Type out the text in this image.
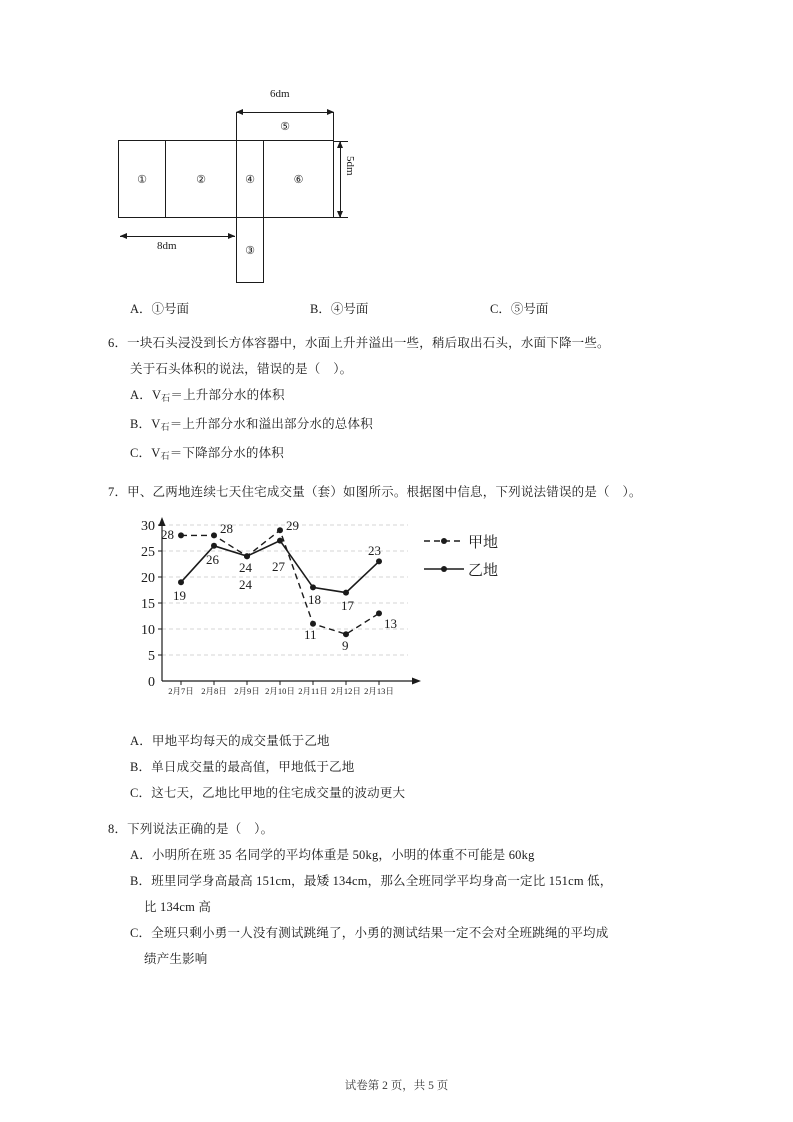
6dm
①	②	④	⑥
⑤
③
8dm
5dm
A．①号面	B．④号面	C．⑤号面
6．一块石头浸没到长方体容器中，水面上升并溢出一些，稍后取出石头，水面下降一些。
关于石头体积的说法，错误的是（　）。
A．$V_石=$上升部分水的体积
B．$V_石=$上升部分水和溢出部分水的总体积
C．$V_石=$下降部分水的体积
7．甲、乙两地连续七天住宅成交量（套）如图所示。根据图中信息，下列说法错误的是（　）。
30
25
20
15
10
5
0
2月7日 2月8日 2月9日 2月10日 2月11日 2月12日 2月13日
28	28
24
29
11
9
13
19
26
24
27
18 17
23	甲地
乙地
A．甲地平均每天的成交量低于乙地
B．单日成交量的最高值，甲地低于乙地
C．这七天，乙地比甲地的住宅成交量的波动更大
8．下列说法正确的是（　）。
A．小明所在班 35 名同学的平均体重是 50kg，小明的体重不可能是 60kg
B．班里同学身高最高 151cm，最矮 134cm，那么全班同学平均身高一定比 151cm 低，
比 134cm 高
C．全班只剩小勇一人没有测试跳绳了，小勇的测试结果一定不会对全班跳绳的平均成
绩产生影响
试卷第 2 页，共 5 页
